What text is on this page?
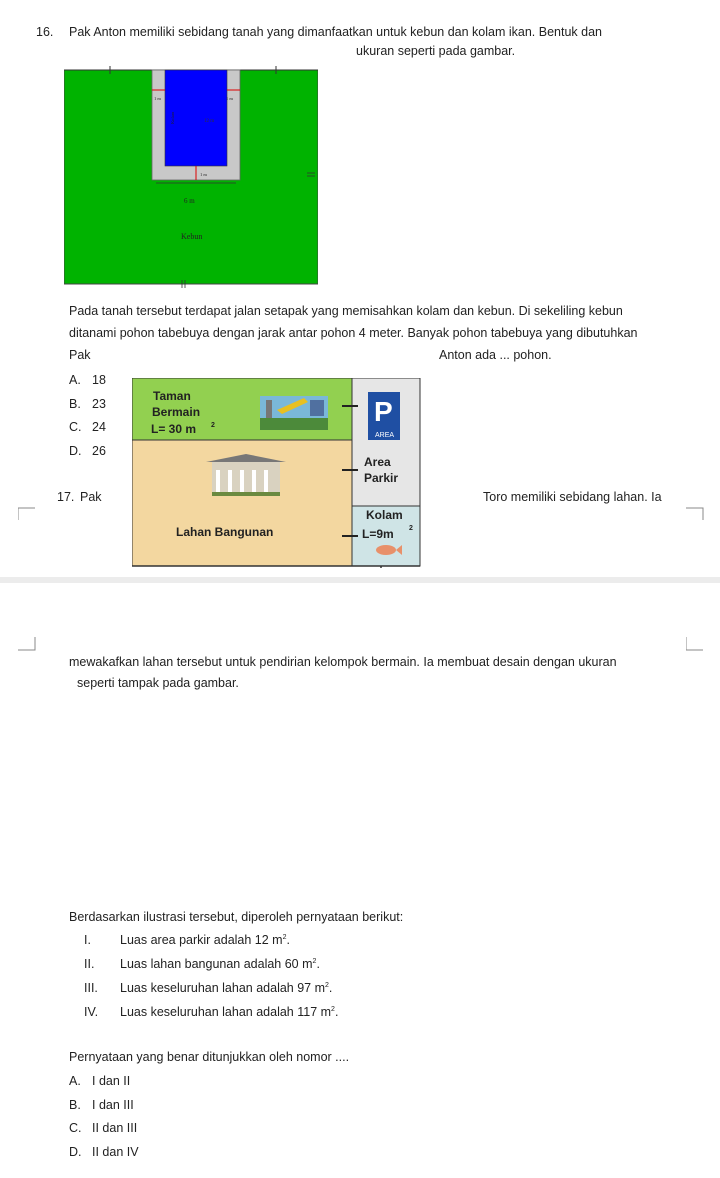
16. Pak Anton memiliki sebidang tanah yang dimanfaatkan untuk kebun dan kolam ikan. Bentuk dan
ukuran seperti pada gambar.
1 m	1 m
12 m
Kolam
1 m
6 m
Kebun
Pada tanah tersebut terdapat jalan setapak yang memisahkan kolam dan kebun. Di sekeliling kebun
ditanami pohon tabebuya dengan jarak antar pohon 4 meter. Banyak pohon tabebuya yang dibutuhkan
Pak	Anton ada ... pohon.
A. 18
B. 23
C. 24
D. 26
17. Pak	Toro memiliki sebidang lahan. Ia
Taman
Bermain
L= 30 m 2	P
AREA
Area
Parkir
Lahan Bangunan
Kolam
L=9m 2
mewakafkan lahan tersebut untuk pendirian kelompok bermain. Ia membuat desain dengan ukuran
seperti tampak pada gambar.
Berdasarkan ilustrasi tersebut, diperoleh pernyataan berikut:
I. Luas area parkir adalah 12 $m^2$.
II. Luas lahan bangunan adalah 60 $m^2$.
III. Luas keseluruhan lahan adalah 97 $m^2$.
IV. Luas keseluruhan lahan adalah 117 $m^2$.
Pernyataan yang benar ditunjukkan oleh nomor ....
A. I dan II
B. I dan III
C. II dan III
D. II dan IV
